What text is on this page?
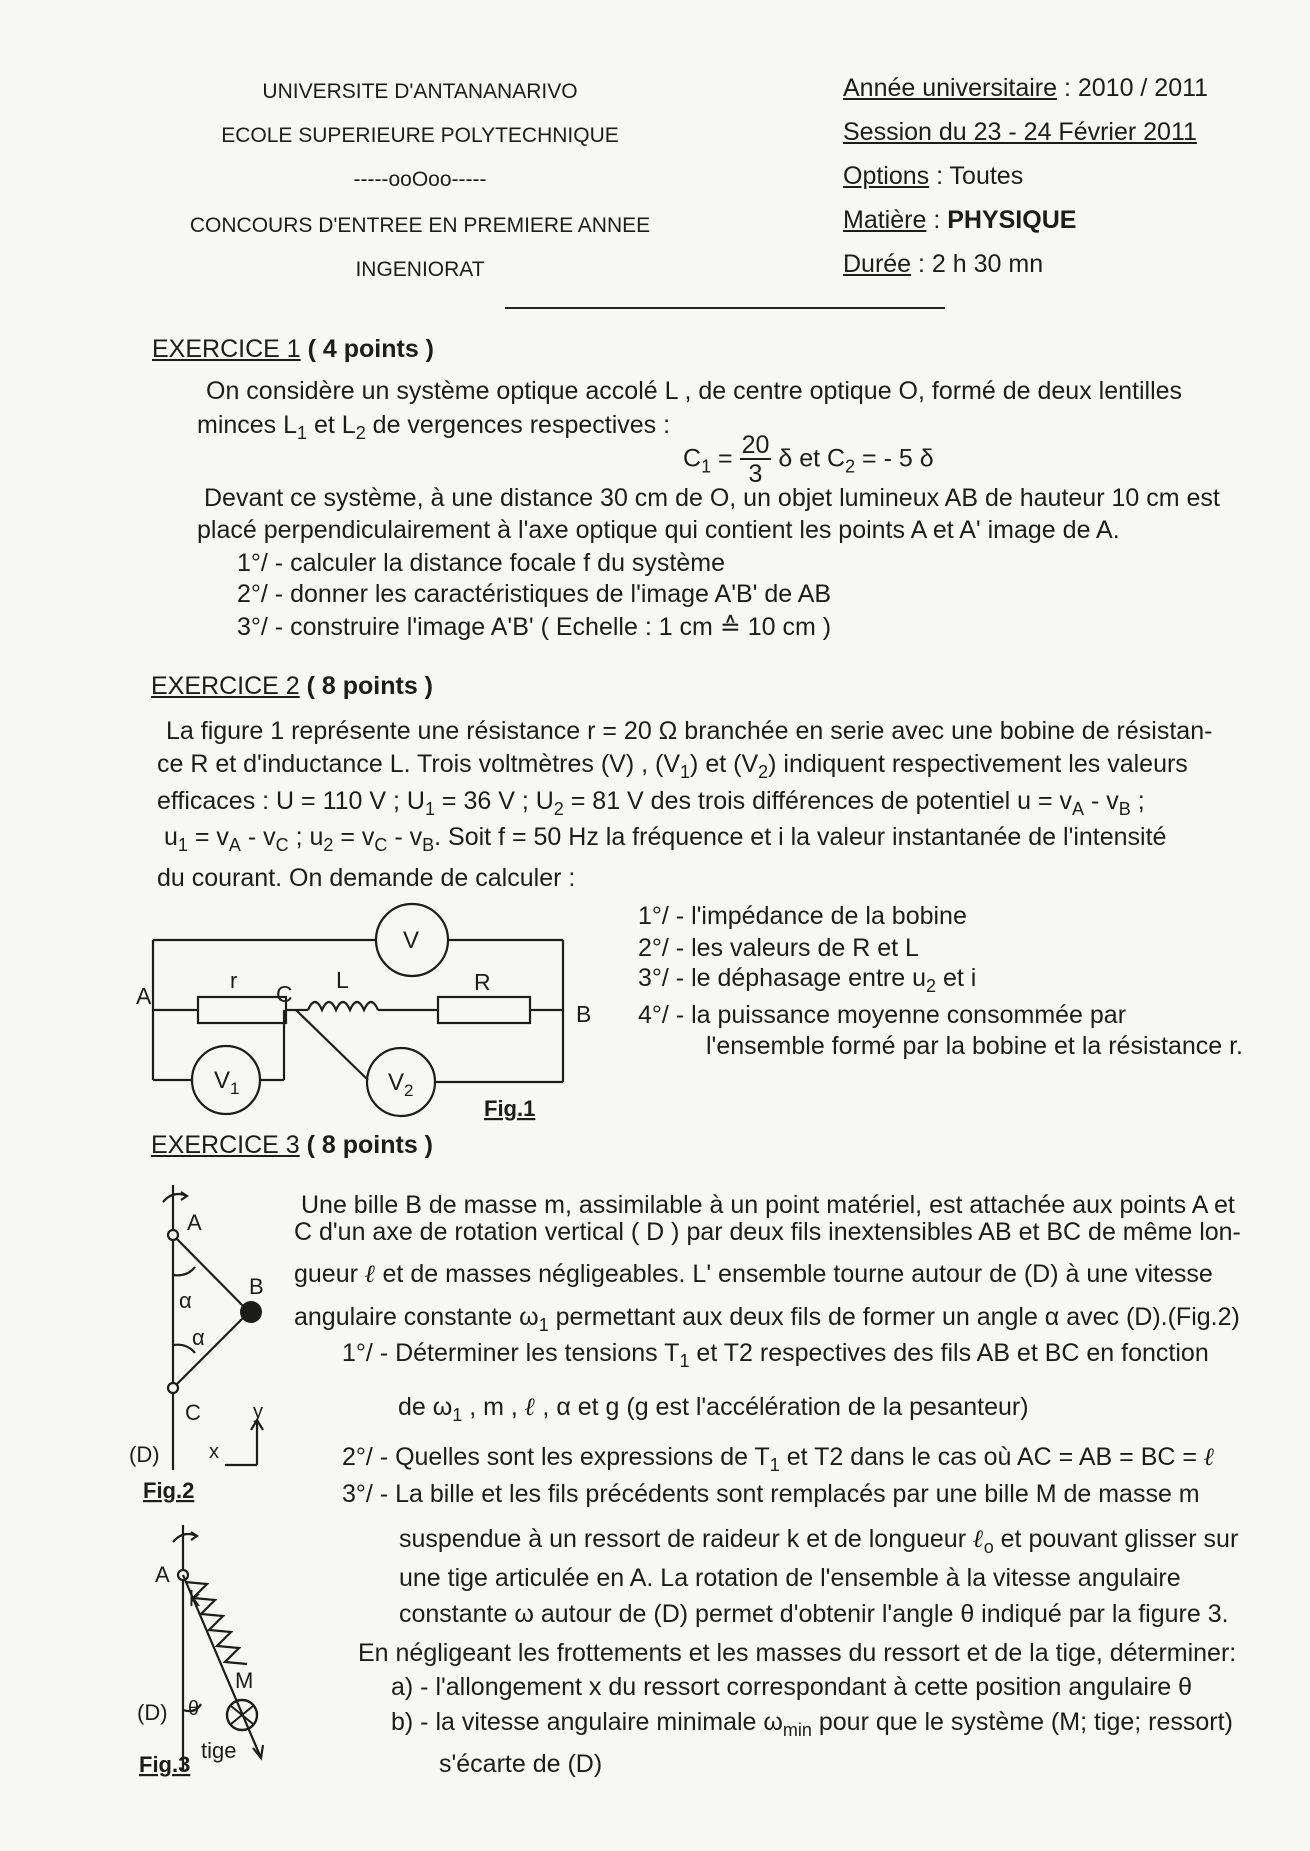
UNIVERSITE D'ANTANANARIVO
ECOLE SUPERIEURE POLYTECHNIQUE
-----ooOoo-----
CONCOURS D'ENTREE EN PREMIERE ANNEE
INGENIORAT
Année universitaire : 2010 / 2011
Session du 23 - 24 Février 2011
Options : Toutes
Matière : PHYSIQUE
Durée : 2 h 30 mn
EXERCICE 1 ( 4 points )
On considère un système optique accolé L , de centre optique O, formé de deux lentilles
minces $L_1$ et $L_2$ de vergences respectives :
$C_1 = \frac{20}{3}$ δ et $C_2$ = - 5 δ
Devant ce système, à une distance 30 cm de O, un objet lumineux AB de hauteur 10 cm est
placé perpendiculairement à l'axe optique qui contient les points A et A' image de A.
1°/ - calculer la distance focale f du système
2°/ - donner les caractéristiques de l'image A'B' de AB
3°/ - construire l'image A'B' ( Echelle : 1 cm ≙ 10 cm )
EXERCICE 2 ( 8 points )
La figure 1 représente une résistance r = 20 Ω branchée en serie avec une bobine de résistan-
ce R et d'inductance L. Trois voltmètres (V) , $(V_1)$ et $(V_2)$ indiquent respectivement les valeurs
efficaces : U = 110 V ; $U_1 = 36$ V ; $U_2 = 81$ V des trois différences de potentiel $u = v_A - v_B$ ;
$u_1 = v_A - v_C$ ; $u_2 = v_C - v_B$. Soit f = 50 Hz la fréquence et i la valeur instantanée de l'intensité
du courant. On demande de calculer :
1°/ - l'impédance de la bobine
2°/ - les valeurs de R et L
3°/ - le déphasage entre $u_2$ et i
4°/ - la puissance moyenne consommée par
l'ensemble formé par la bobine et la résistance r.
A
B
C
r	L	R
V
$V_1$	$V_2$
Fig.1
EXERCICE 3 ( 8 points )
Une bille B de masse m, assimilable à un point matériel, est attachée aux points A et
C d'un axe de rotation vertical ( D ) par deux fils inextensibles AB et BC de même lon-
gueur ℓ et de masses négligeables. L' ensemble tourne autour de (D) à une vitesse
angulaire constante $\omega_1$ permettant aux deux fils de former un angle α avec (D).(Fig.2)
1°/ - Déterminer les tensions $T_1$ et T2 respectives des fils AB et BC en fonction
de $\omega_1$ , m , ℓ , α et g (g est l'accélération de la pesanteur)
2°/ - Quelles sont les expressions de $T_1$ et T2 dans le cas où AC = AB = BC = ℓ
3°/ - La bille et les fils précédents sont remplacés par une bille M de masse m
suspendue à un ressort de raideur k et de longueur ℓ$_o$ et pouvant glisser sur
une tige articulée en A. La rotation de l'ensemble à la vitesse angulaire
constante ω autour de (D) permet d'obtenir l'angle θ indiqué par la figure 3.
En négligeant les frottements et les masses du ressort et de la tige, déterminer:
a) - l'allongement x du ressort correspondant à cette position angulaire θ
b) - la vitesse angulaire minimale $\omega_{min}$ pour que le système (M; tige; ressort)
s'écarte de (D)
A
B
C
(D)
α
α
y
x
Fig.2
A
k
M
(D) θ
tige
Fig.3
